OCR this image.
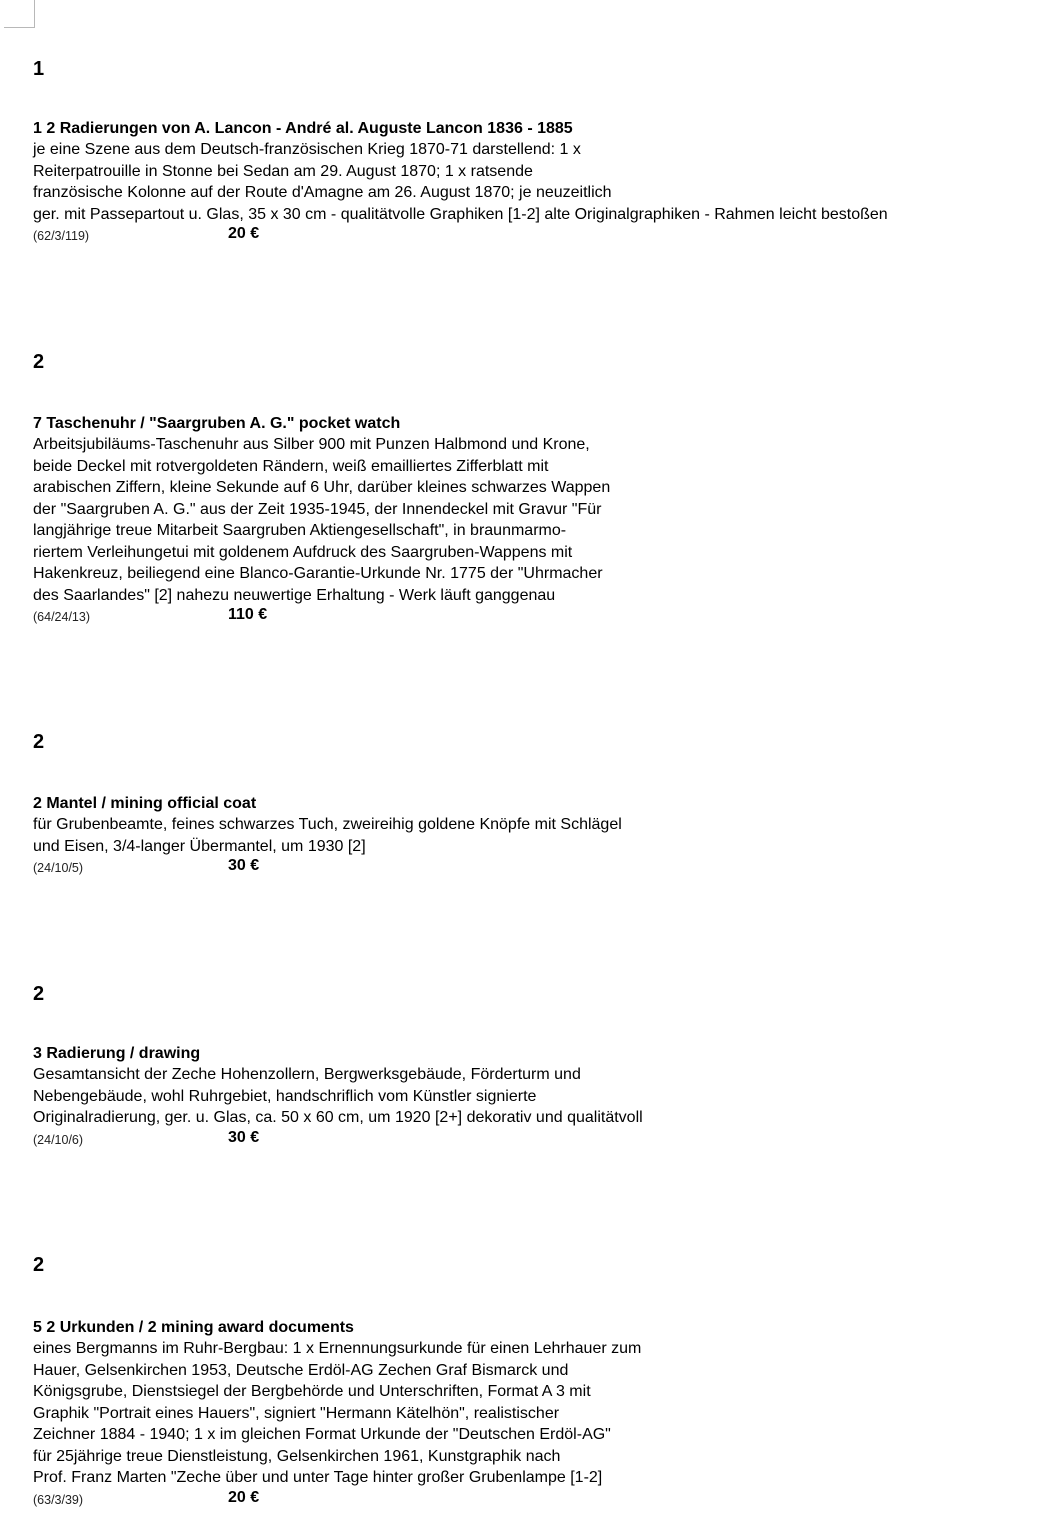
1
1 2 Radierungen von A. Lancon - André al. Auguste Lancon 1836 - 1885
je eine Szene aus dem Deutsch-französischen Krieg 1870-71 darstellend: 1 x
Reiterpatrouille in Stonne bei Sedan am 29. August 1870; 1 x ratsende
französische Kolonne auf der Route d'Amagne am 26. August 1870; je neuzeitlich
ger. mit Passepartout u. Glas, 35 x 30 cm - qualitätvolle Graphiken [1-2] alte Originalgraphiken - Rahmen leicht bestoßen
(62/3/119)	20 €
2
7 Taschenuhr / "Saargruben A. G." pocket watch
Arbeitsjubiläums-Taschenuhr aus Silber 900 mit Punzen Halbmond und Krone,
beide Deckel mit rotvergoldeten Rändern, weiß emailliertes Zifferblatt mit
arabischen Ziffern, kleine Sekunde auf 6 Uhr, darüber kleines schwarzes Wappen
der "Saargruben A. G." aus der Zeit 1935-1945, der Innendeckel mit Gravur "Für
langjährige treue Mitarbeit Saargruben Aktiengesellschaft", in braunmarmo-
riertem Verleihungetui mit goldenem Aufdruck des Saargruben-Wappens mit
Hakenkreuz, beiliegend eine Blanco-Garantie-Urkunde Nr. 1775 der "Uhrmacher
des Saarlandes" [2] nahezu neuwertige Erhaltung - Werk läuft ganggenau
(64/24/13)	110 €
2
2 Mantel / mining official coat
für Grubenbeamte, feines schwarzes Tuch, zweireihig goldene Knöpfe mit Schlägel
und Eisen, 3/4-langer Übermantel, um 1930 [2]
(24/10/5)	30 €
2
3 Radierung / drawing
Gesamtansicht der Zeche Hohenzollern, Bergwerksgebäude, Förderturm und
Nebengebäude, wohl Ruhrgebiet, handschriflich vom Künstler signierte
Originalradierung, ger. u. Glas, ca. 50 x 60 cm, um 1920 [2+] dekorativ und qualitätvoll
(24/10/6)	30 €
2
5 2 Urkunden / 2 mining award documents
eines Bergmanns im Ruhr-Bergbau: 1 x Ernennungsurkunde für einen Lehrhauer zum
Hauer, Gelsenkirchen 1953, Deutsche Erdöl-AG Zechen Graf Bismarck und
Königsgrube, Dienstsiegel der Bergbehörde und Unterschriften, Format A 3 mit
Graphik "Portrait eines Hauers", signiert "Hermann Kätelhön", realistischer
Zeichner 1884 - 1940; 1 x im gleichen Format Urkunde der "Deutschen Erdöl-AG"
für 25jährige treue Dienstleistung, Gelsenkirchen 1961, Kunstgraphik nach
Prof. Franz Marten "Zeche über und unter Tage hinter großer Grubenlampe [1-2]
(63/3/39)	20 €
